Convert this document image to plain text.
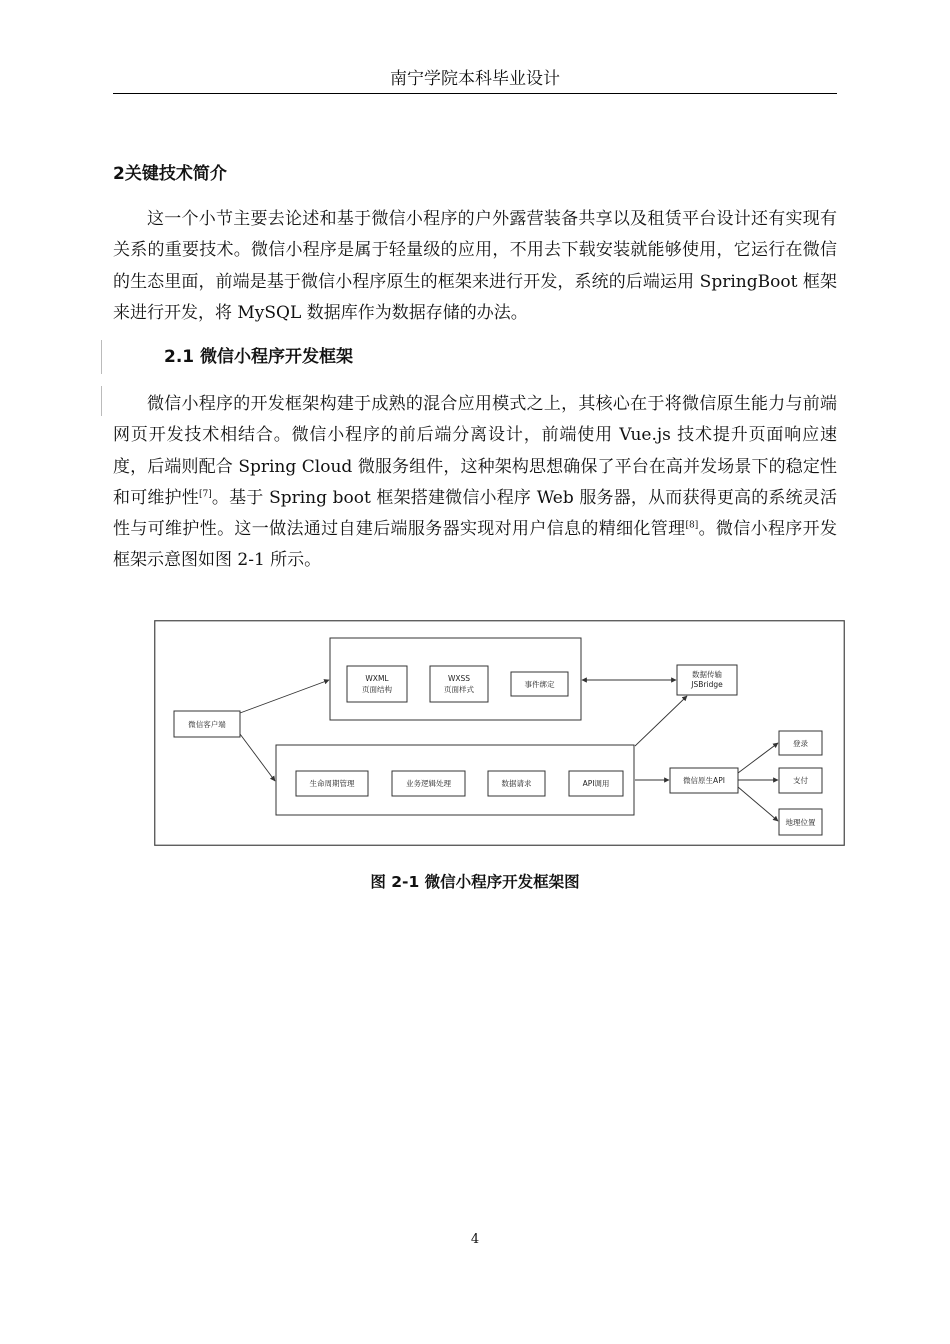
南宁学院本科毕业设计
2关键技术简介

这一个小节主要去论述和基于微信小程序的户外露营装备共享以及租赁平台设计还有实现有关系的重要技术。微信小程序是属于轻量级的应用，不用去下载安装就能够使用，它运行在微信的生态里面，前端是基于微信小程序原生的框架来进行开发，系统的后端运用 SpringBoot 框架来进行开发，将 MySQL 数据库作为数据存储的办法。

2.1 微信小程序开发框架

微信小程序的开发框架构建于成熟的混合应用模式之上，其核心在于将微信原生能力与前端网页开发技术相结合。微信小程序的前后端分离设计，前端使用 Vue.js 技术提升页面响应速度，后端则配合 Spring Cloud 微服务组件，这种架构思想确保了平台在高并发场景下的稳定性和可维护性[7]。基于 Spring boot 框架搭建微信小程序 Web 服务器，从而获得更高的系统灵活性与可维护性。这一做法通过自建后端服务器实现对用户信息的精细化管理[8]。微信小程序开发框架示意图如图 2-1 所示。

微信客户端
WXML
页面结构
WXSS
页面样式
事件绑定
数据传输
JSBridge
生命周期管理	业务逻辑处理	数据请求	API调用	微信原生API
登录
支付
地理位置
图 2-1 微信小程序开发框架图
4
